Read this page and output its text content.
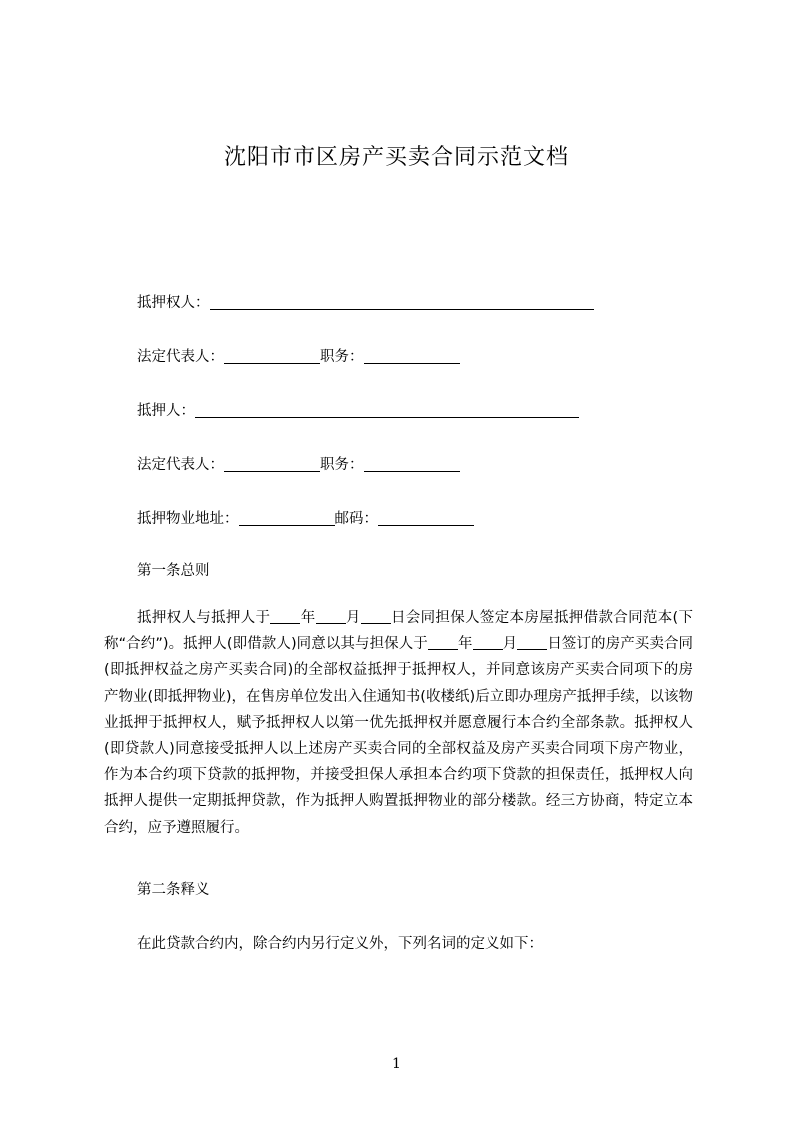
沈阳市市区房产买卖合同示范文档
抵押权人：
法定代表人：	职务：
抵押人：
法定代表人：	职务：
抵押物业地址：	邮码：
第一条总则
抵押权人与抵押人于 年 月 日会同担保人签定本房屋抵押借款合同范本(下称“合约”)。抵押人(即借款人)同意以其与担保人于 年 月 日签订的房产买卖合同(即抵押权益之房产买卖合同)的全部权益抵押于抵押权人，并同意该房产买卖合同项下的房产物业(即抵押物业)，在售房单位发出入住通知书(收楼纸)后立即办理房产抵押手续，以该物业抵押于抵押权人，赋予抵押权人以第一优先抵押权并愿意履行本合约全部条款。抵押权人(即贷款人)同意接受抵押人以上述房产买卖合同的全部权益及房产买卖合同项下房产物业，作为本合约项下贷款的抵押物，并接受担保人承担本合约项下贷款的担保责任，抵押权人向抵押人提供一定期抵押贷款，作为抵押人购置抵押物业的部分楼款。经三方协商，特定立本合约，应予遵照履行。
第二条释义
在此贷款合约内，除合约内另行定义外，下列名词的定义如下：
1
